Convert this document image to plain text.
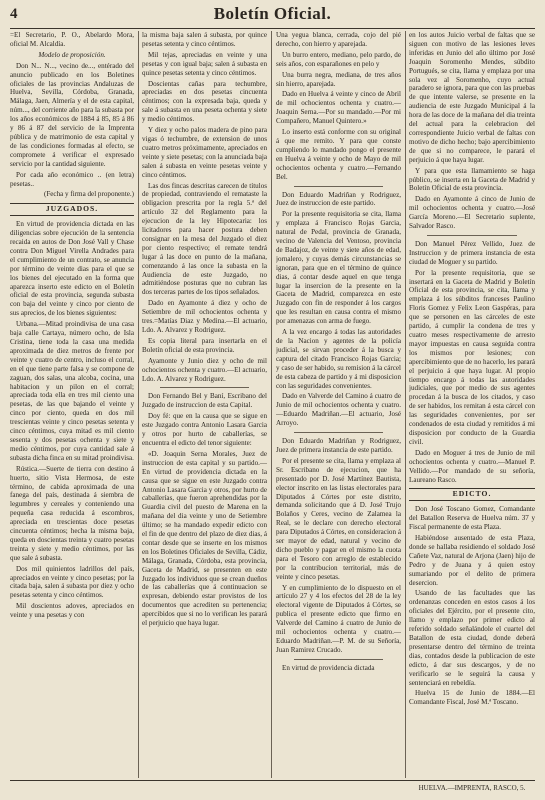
4	Boletín Oficial.

=El Secretario, P. O., Abelardo Mora, oficial M. Alcaldía.

Modelo de proposición.

Don N... N..., vecino de..., entérado del anuncio publicado en los Boletines oficiales de las provincias Andaluzas de Huelva, Sevilla, Córdoba, Granada, Málaga, Jaen, Almería y el de esta capital, núm..., del corriente año para la subasta por los años económicos de 1884 á 85, 85 á 86 y 86 á 87 del servicio de la Imprenta pública y de matrimonio de esta capital y de las condiciones formadas al efecto, se compromete á verificar el expresado servicio por la cantidad siguiente.

Por cada año económico .. (en letra) pesetas..

(Fecha y firma del proponente.)

JUZGADOS.

En virtud de providencia dictada en las diligencias sobre ejecución de la sentencia recaida en autos de Don José Vall y Chase contra Don Miguel Virella Andrades para el cumplimiento de un contrato, se anuncia por término de veinte dias para el que se los bienes del ejecutado en la forma que aparezca inserto este edicto en el Boletín oficial de esta provincia, segunda subasta con baja del veinte y cinco por ciento de sus aprecios, de los bienes siguientes:

Urbana.—Mitad proindivisa de una casa baja calle Cartaya, número ocho, de Isla Cristina, tiene toda la casa una medida aproximada de diez metros de frente por veinte y cuatro de centro, incluso el corral, en el que tiene parte falsa y se compone de zaguan, dos salas, una alcoba, cocina, una habitacion y un pilon en el corral; apreciada toda ella en tres mil ciento una pesetas, de las que bajando el veinte y cinco por ciento, queda en dos mil trescientas veinte y cinco pesetas setenta y cinco céntimos, cuya mitad es mil ciento sesenta y dos pesetas ochenta y siete y medio céntimos, por cuya cantidad sale á subasta dicha finca en su mitad proindivisa.

Rústica.—Suerte de tierra con destino á huerto, sitio Vista Hermosa, de este término, de cabida aproximada de una fanega del país, destinada á siembra de legumbres y cereales y conteniendo una pequeña casa reducida á escombros, apreciada en trescientas doce pesetas cincuenta céntimos; hecha la misma baja, queda en doscientas treinta y cuatro pesetas treinta y siete y medio céntimos, por las que sale á subasta.

Dos mil quinientos ladrillos del país, apreciados en veinte y cinco pesetas; por la citada baja, salen á subasta por diez y ocho pesetas setenta y cinco céntimos.

Mil doscientos adoves, apreciados en veinte y una pesetas y con

la misma baja salen á subasta, por quince pesetas setenta y cinco céntimos.

Mil tejas, apreciadas en veinte y una pesetas y con igual baja; salen á subasta en quince pesetas setenta y cinco céntimos.

Doscientas cañas para techumbre, apreciadas en dos pesetas cincuenta céntimos; con la expresada baja, queda y sale á subasta en una peseta ochenta y siete y medio céntimos.

Y diez y ocho palos madera de pino para vigas ó techumbre, de extension de unos cuatro metros próximamente, apreciados en veinte y siete pesetas; con la anunciada baja salen á subasta en veinte pesetas veinte y cinco céntimos.

Las dos fincas descritas carecen de títulos de propiedad, contraviendo el remataste la obligacion prescrita por la regla 5.ª del artículo 32 del Reglamento para la ejecucion de la ley Hipotecaria: los licitadores para hacer postura deben consignar en la mesa del Juzgado el diez por ciento respectivo; el remate tendrá lugar á las doce en punto de la mañana, comenzando á las once la subasta en la Audiencia de este Juzgado, no admitiéndose posturas que no cubran las dos terceras partes de los tipos señalados.

Dado en Ayamonte á diez y ocho de Setiembre de mil ochocientos ochenta y tres.=Matías Diaz y Medina.—El actuario, Ldo. A. Alvarez y Rodriguez.

Es copia literal para insertarla en el Boletín oficial de esta provincia.

Ayamonte y Junio diez y ocho de mil ochocientos ochenta y cuatro.—El actuario, Ldo. A. Alvarez y Rodriguez.

Don Fernando Bel y Baní, Escribano del Juzgado de instruccion de esta Capital.

Doy fé: que en la causa que se sigue en este Juzgado contra Antonio Lasara Garcia y otros por hurto de caballerías, se encuentra el edicto del tenor siguiente:

«D. Joaquin Serna Morales, Juez de instruccion de esta capital y su partido.—En virtud de providencia dictada en la causa que se sigue en este Juzgado contra Antonio Lasara Garcia y otros, por hurto de caballerías, que fueron aprehendidas por la Guardia civil del puesto de Marena en la mañana del dia veinte y uno de Setiembre último; se ha mandado expedir edicto con el fin de que dentro del plazo de diez dias, á contar desde que se inserte en los mismos en los Boletines Oficiales de Sevilla, Cádiz, Málaga, Granada, Córdoba, esta provincia, Gaceta de Madrid, se presenten en este Juzgado los individuos que se crean dueños de las caballerías que á continuacion se expresan, debiendo estar provistos de los documentos que acrediten su pertenencia; apercibidos que si no lo verifican les parará el perjuicio que haya lugar.

Una yegua blanca, cerrada, cojo del pié derecho, con hierro y aparejada.

Un burro entero, mediano, pelo pardo, de seis años, con esparañones en pelo y

Una burra negra, mediana, de tres años sin hierro, aparejada.

Dado en Huelva á veinte y cinco de Abril de mil ochocientos ochenta y cuatro.—Joaquin Serna.—Por su mandado.—Por mi Compañero, Manuel Quintero.»

Lo inserto está conforme con su original á que me remito. Y para que conste cumpliendo lo mandado pongo el presente en Huelva á veinte y ocho de Mayo de mil ochocientos ochenta y cuatro.—Fernando Bel.

Don Eduardo Madriñan y Rodriguez, Juez de instruccion de este partido.

Por la presente requisitoria se cita, llama y emplaza á Francisco Rojas Garcia, natural de Pedal, provincia de Granada, vecino de Valencia del Ventoso, provincia de Badajoz, de veinte y siete años de edad, jornalero, y cuyas demás circunstancias se ignoran, para que en el término de quince dias, á contar desde aquel en que tenga lugar la insercion de la presente en la Gaceta de Madrid, comparezca en este Juzgado con fin de responder á los cargos que les resultan en causa contra el mismo por amenazas con arma de fuego.

A la vez encargo á todas las autoridades de la Nacion y agentes de la policía judicial, se sirvan proceder á la busca y captura del citado Francisco Rojas Garcia; y caso de ser habido, su remision á la cárcel de esta cabeza de partido y á mi disposicion con las seguridades convenientes.

Dado en Valverde del Camino á cuatro de Junio de mil ochocientos ochenta y cuatro.—Eduardo Madriñan.—El actuario, José Arroyo.

Don Eduardo Madriñan y Rodriguez, Juez de primera instancia de este partido.

Por el presente se cita, llama y emplaza al Sr. Escribano de ejecucion, que ha presentado por D. José Martínez Bautista, elector inscrito en las listas electorales para Diputados á Córtes por este distrito, demanda solicitando que á D. José Trujo Bolaños y Ceres, vecino de Zalamea la Real, se le declare con derecho electoral para Diputados á Córtes, en consideracion á ser mayor de edad, natural y vecino de dicho pueblo y pagar en el mismo la cuota para el Tesoro con arreglo de establecido por la contribucion territorial, más de veinte y cinco pesetas.

Y en cumplimiento de lo dispuesto en el artículo 27 y 4 los efectos del 28 de la ley electoral vigente de Diputados á Córtes, se publica el presente edicto que firmo en Valverde del Camino á cuatro de Junio de mil ochocientos ochenta y cuatro.—Eduardo Madriñan.—P. M. de su Señoría, Juan Ramirez Crucado.

En virtud de providencia dictada

en los autos Juicio verbal de faltas que se siguen con motivo de las lesiones leves inferidas en Junio del año último por José Joaquin Soromenho Mendes, súbdito Portugués, se cita, llama y emplaza por una sola vez al Soromenho, cuyo actual paradero se ignora, para que con las pruebas de que intente valerse, se presente en la audiencia de este Juzgado Municipal á la hora de las doce de la mañana del dia treinta del actual para la celebracion del correspondiente Juicio verbal de faltas con motivo de dicho hecho; bajo apercibimiento de que si no comparece, le parará el perjuicio á que haya lugar.

Y para que esta llamamiento se haga público, se inserta en la Gaceta de Madrid y Boletín Oficial de esta provincia.

Dado en Ayamonte á cinco de Junio de mil ochocientos ochenta y cuatro.—José García Moreno.—El Secretario suplente, Salvador Rasco.

Don Manuel Pérez Vellido, Juez de Instruccion y de primera instancia de esta ciudad de Moguer y su partido.

Por la presente requisitoria, que se insertará en la Gaceta de Madrid y Boletín Oficial de esta provincia, se cita, llama y emplaza á los súbditos franceses Paulino Floris Gomez y Felix Leon Gaspéras, para que se personen en las cárceles de este partido, á cumplir la condena de tres y cuatro meses respectivamente de arresto mayor impuestas en causa seguida contra los mismos por lesiones; con apercibimiento que de no hacerlo, les parará el perjuicio á que haya lugar. Al propio tiempo encargo á todas las autoridades judiciales, que por medio de sus agentes procedan á la busca de los citados, y caso de ser habidos, los remitan á esta cárcel con las seguridades convenientes, por ser condenados de esta ciudad y remitidos á mi disposicion por conducto de la Guardia civil.

Dado en Moguer á tres de Junio de mil ochocientos ochenta y cuatro.—Manuel P. Vellido.—Por mandado de su señoría, Laureano Rasco.

EDICTO.

Don José Toscano Gomez, Comandante del Batallon Reserva de Huelva núm. 37 y Fiscal permanente de esta Plaza.

Habiéndose ausentado de esta Plaza, donde se hallaba residiendo el soldado José Cañete Vaz, natural de Arjona (Jaen) hijo de Pedro y de Juana y á quien estoy sumariando por el delito de primera desercion.

Usando de las facultades que las ordenanzas conceden en estos casos á los oficiales del Ejército, por el presente cito, llamo y emplazo por primer edicto al referido soldado señalándole el cuartel del Batallon de esta ciudad, donde deberá presentarse dentro del término de treinta dias, contados desde la publicacion de este edicto, á dar sus descargos, y de no verificarlo se le seguirá la causa y sentenciará en rebeldía.

Huelva 15 de Junio de 1884.—El Comandante Fiscal, José M.ª Toscano.

HUELVA.—IMPRENTA, RASCO, 5.
